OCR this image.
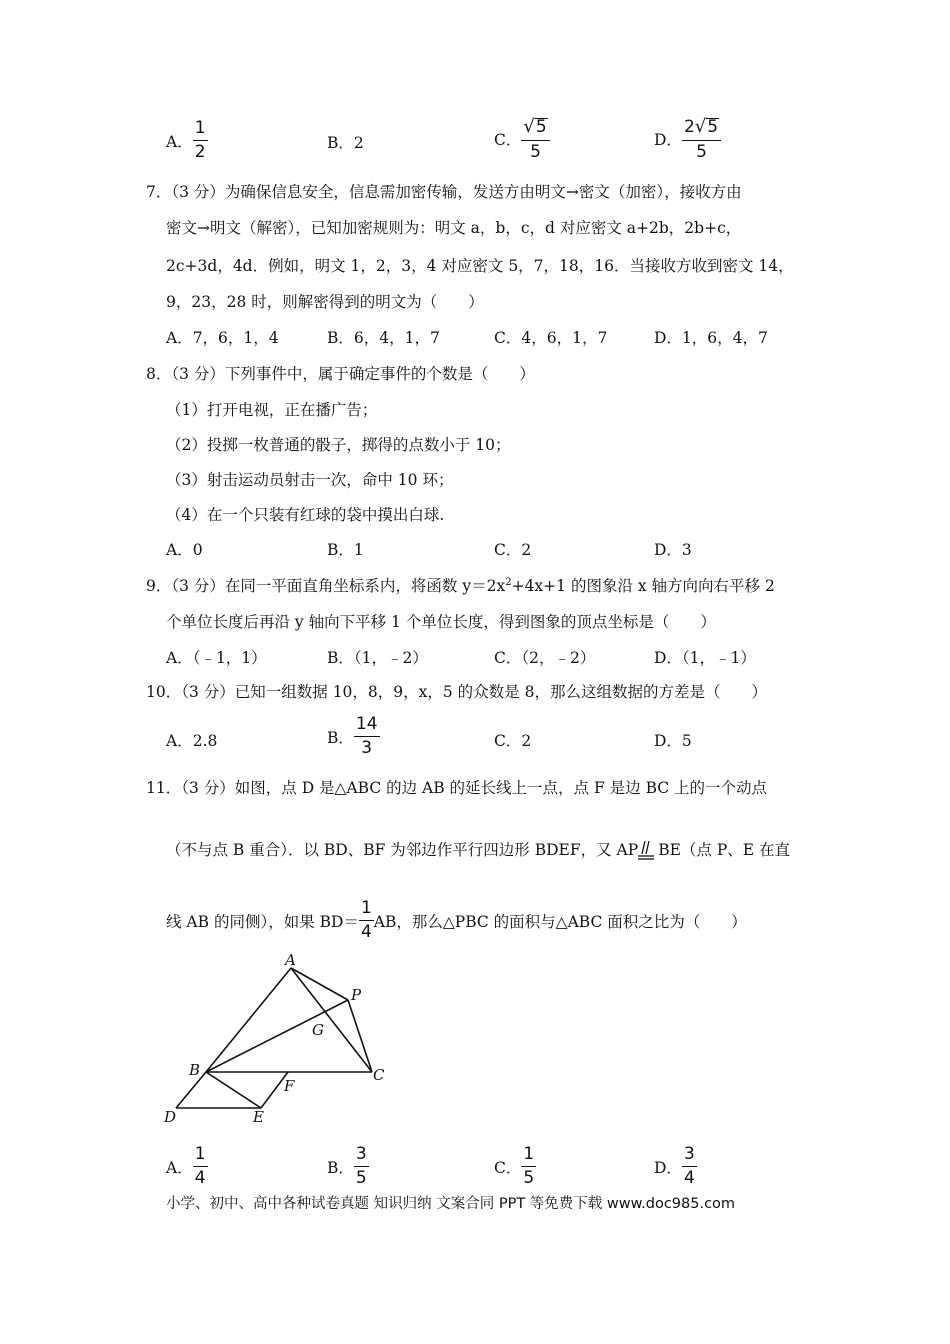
A． $\frac{1}{2}$	B．2	C． $\frac{√ 5}{5}$	D． $\frac{2 √ 5}{5}$
7．（3 分）为确保信息安全，信息需加密传输，发送方由明文→密文（加密），接收方由
密文→明文（解密），已知加密规则为：明文 a，b，c，d 对应密文 a+2b，2b+c，
2c+3d，4d．例如，明文 1，2，3，4 对应密文 5，7，18，16．当接收方收到密文 14，
9，23，28 时，则解密得到的明文为（　　）
A．7，6，1，4	B．6，4，1，7	C．4，6，1，7	D．1，6，4，7
8．（3 分）下列事件中，属于确定事件的个数是（　　）
（1）打开电视，正在播广告；
（2）投掷一枚普通的骰子，掷得的点数小于 10；
（3）射击运动员射击一次，命中 10 环；
（4）在一个只装有红球的袋中摸出白球.
A．0	B．1	C．2	D．3
9．（3 分）在同一平面直角坐标系内，将函数 $y=2x^2+4x+1$ 的图象沿 x 轴方向向右平移 2
个单位长度后再沿 y 轴向下平移 1 个单位长度，得到图象的顶点坐标是（　　）
A．（﹣1，1）	B．（1，﹣2）	C．（2，﹣2）	D．（1，﹣1）
10．（3 分）已知一组数据 10，8，9，x，5 的众数是 8，那么这组数据的方差是（　　）
A．2.8	B． $\frac{14}{3}$	C．2	D．5
11．（3 分）如图，点 D 是△ABC 的边 AB 的延长线上一点，点 F 是边 BC 上的一个动点
（不与点 B 重合）．以 BD、BF 为邻边作平行四边形 BDEF，又 AP BE（点 P、E 在直
线 AB 的同侧），如果 $BD= \frac{1}{4}$ AB，那么△PBC 的面积与△ABC 面积之比为（　　）
A
P
G
B	C
F
D	E
A． $\frac{1}{4}$	B． $\frac{3}{5}$	C． $\frac{1}{5}$	D． $\frac{3}{4}$
小学、初中、高中各种试卷真题 知识归纳 文案合同 PPT 等免费下载 www.doc985.com
